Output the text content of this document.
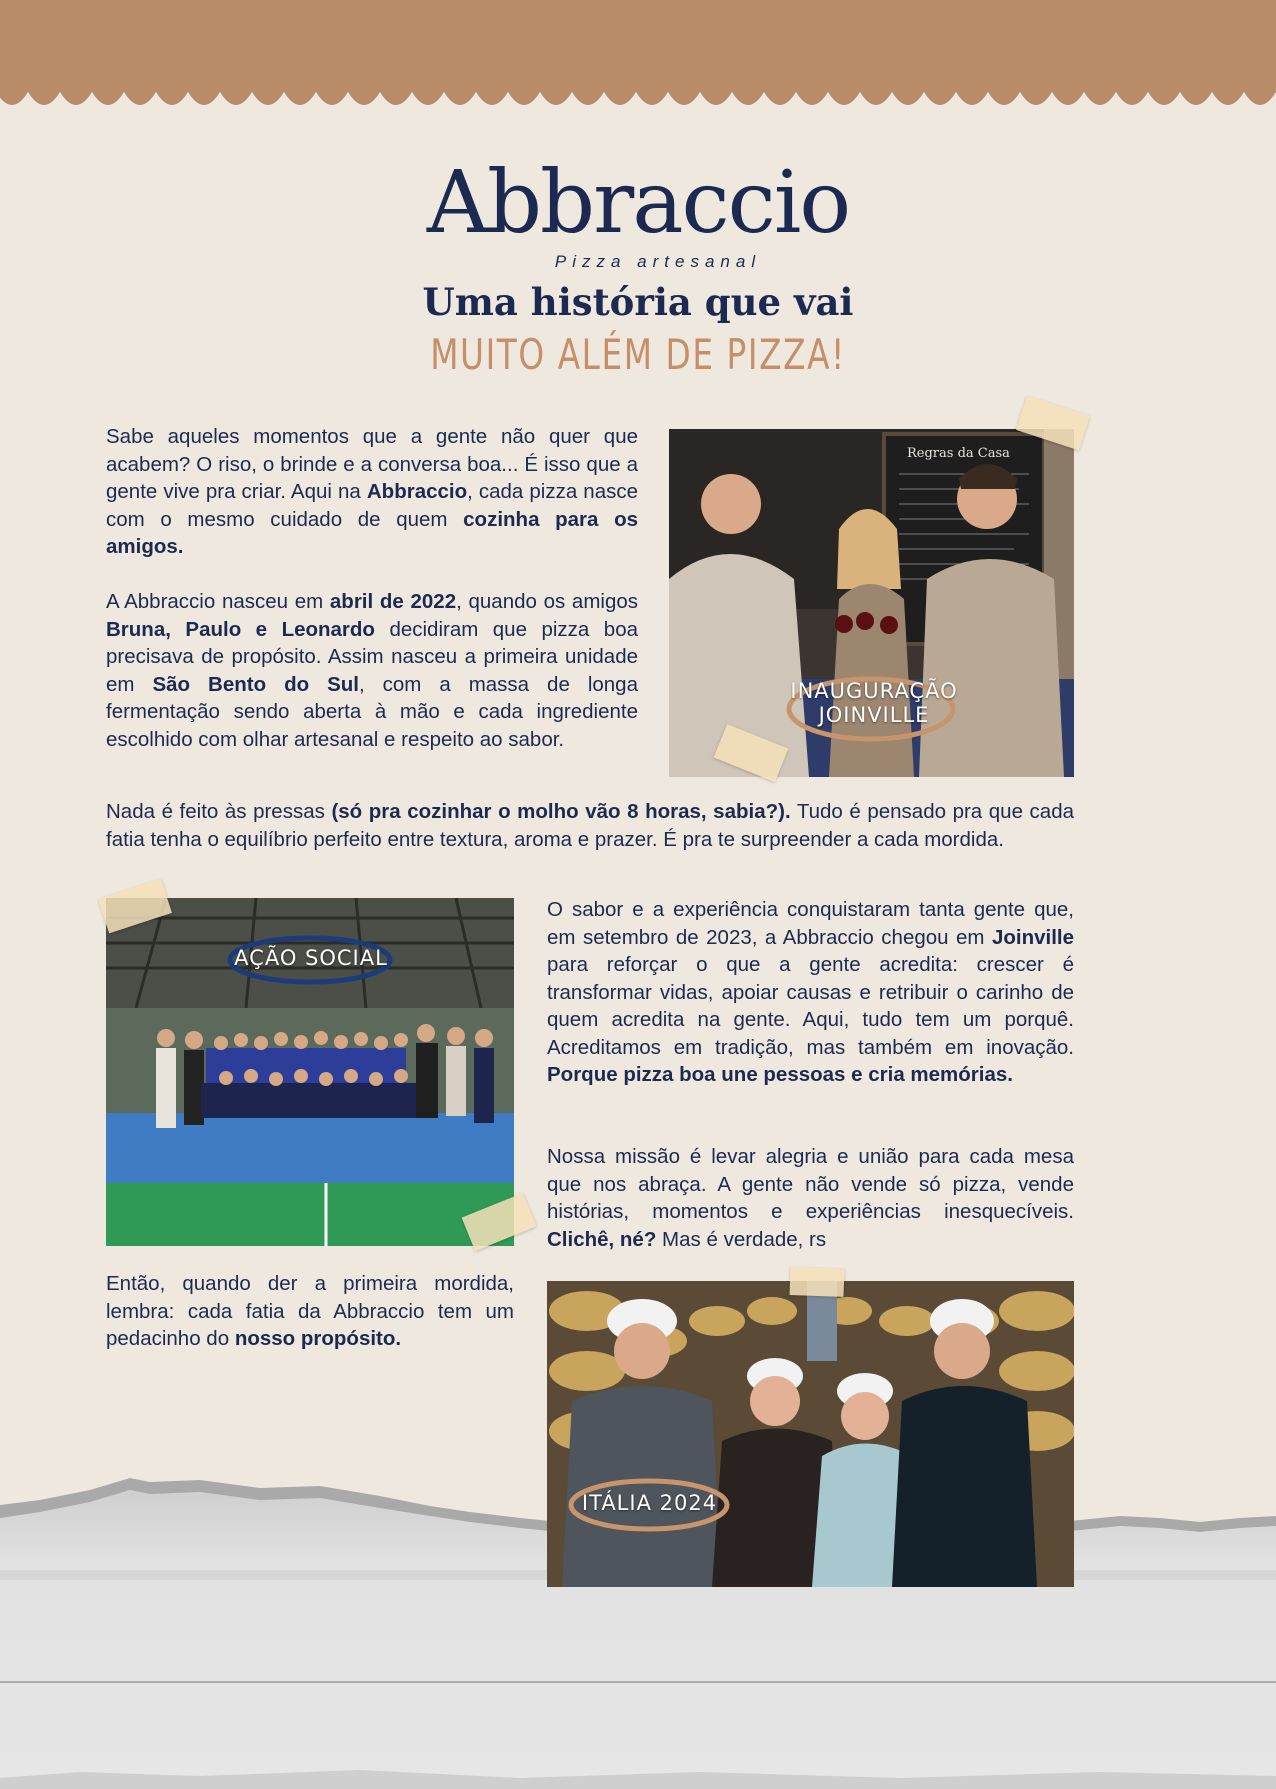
Abbraccio
Pizza artesanal
Uma história que vai
MUITO ALÉM DE PIZZA!

Sabe aqueles momentos que a gente não quer que acabem? O riso, o brinde e a conversa boa... É isso que a gente vive pra criar. Aqui na Abbraccio, cada pizza nasce com o mesmo cuidado de quem cozinha para os amigos.

A Abbraccio nasceu em abril de 2022, quando os amigos Bruna, Paulo e Leonardo decidiram que pizza boa precisava de propósito. Assim nasceu a primeira unidade em São Bento do Sul, com a massa de longa fermentação sendo aberta à mão e cada ingrediente escolhido com olhar artesanal e respeito ao sabor.

Regras da Casa
INAUGURAÇÃO
JOINVILLE

Nada é feito às pressas (só pra cozinhar o molho vão 8 horas, sabia?). Tudo é pensado pra que cada fatia tenha o equilíbrio perfeito entre textura, aroma e prazer. É pra te surpreender a cada mordida.

AÇÃO SOCIAL

O sabor e a experiência conquistaram tanta gente que, em setembro de 2023, a Abbraccio chegou em Joinville para reforçar o que a gente acredita: crescer é transformar vidas, apoiar causas e retribuir o carinho de quem acredita na gente. Aqui, tudo tem um porquê. Acreditamos em tradição, mas também em inovação. Porque pizza boa une pessoas e cria memórias.

Nossa missão é levar alegria e união para cada mesa que nos abraça. A gente não vende só pizza, vende histórias, momentos e experiências inesquecíveis. Clichê, né? Mas é verdade, rs

Então, quando der a primeira mordida, lembra: cada fatia da Abbraccio tem um pedacinho do nosso propósito.

ITÁLIA 2024
